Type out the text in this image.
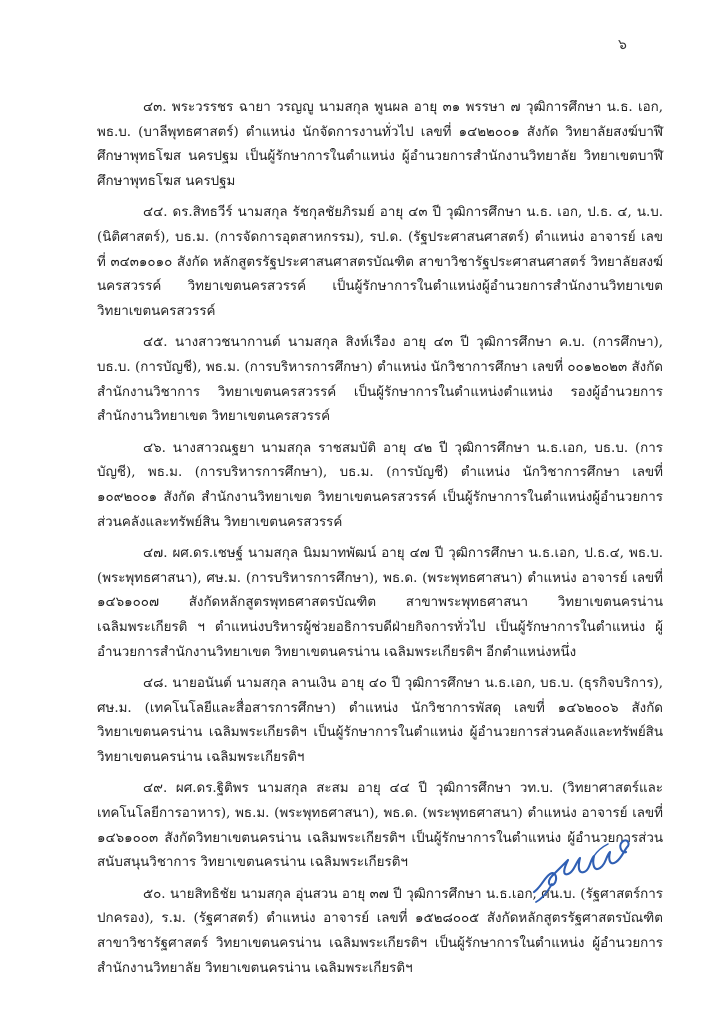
๖

๔๓. พระวรรชร ฉายา วรญญู นามสกุล พูนผล อายุ ๓๑ พรรษา ๗ วุฒิการศึกษา น.ธ. เอก, พธ.บ. (บาลีพุทธศาสตร์) ตำแหน่ง นักจัดการงานทั่วไป เลขที่ ๑๔๒๒๐๐๑ สังกัด วิทยาลัยสงฆ์บาฬีศึกษาพุทธโฆส นครปฐม เป็นผู้รักษาการในตำแหน่ง ผู้อำนวยการสำนักงานวิทยาลัย วิทยาเขตบาฬีศึกษาพุทธโฆส นครปฐม

๔๔. ดร.สิทธวีร์ นามสกุล รัชกุลชัยภิรมย์ อายุ ๔๓ ปี วุฒิการศึกษา น.ธ. เอก, ป.ธ. ๔, น.บ. (นิติศาสตร์), บธ.ม. (การจัดการอุตสาหกรรม), รป.ด. (รัฐประศาสนศาสตร์) ตำแหน่ง อาจารย์ เลขที่ ๓๔๓๑๐๑๐ สังกัด หลักสูตรรัฐประศาสนศาสตรบัณฑิต สาขาวิชารัฐประศาสนศาสตร์ วิทยาลัยสงฆ์นครสวรรค์ วิทยาเขตนครสวรรค์ เป็นผู้รักษาการในตำแหน่งผู้อำนวยการสำนักงานวิทยาเขต วิทยาเขตนครสวรรค์

๔๕. นางสาวชนากานต์ นามสกุล สิงห์เรือง อายุ ๔๓ ปี วุฒิการศึกษา ค.บ. (การศึกษา), บธ.บ. (การบัญชี), พธ.ม. (การบริหารการศึกษา) ตำแหน่ง นักวิชาการศึกษา เลขที่ ๐๐๑๒๐๒๓ สังกัด สำนักงานวิชาการ วิทยาเขตนครสวรรค์ เป็นผู้รักษาการในตำแหน่งตำแหน่ง รองผู้อำนวยการสำนักงานวิทยาเขต วิทยาเขตนครสวรรค์

๔๖. นางสาวณฐยา นามสกุล ราชสมบัติ อายุ ๔๒ ปี วุฒิการศึกษา น.ธ.เอก, บธ.บ. (การบัญชี), พธ.ม. (การบริหารการศึกษา), บธ.ม. (การบัญชี) ตำแหน่ง นักวิชาการศึกษา เลขที่ ๑๐๙๒๐๐๑ สังกัด สำนักงานวิทยาเขต วิทยาเขตนครสวรรค์ เป็นผู้รักษาการในตำแหน่งผู้อำนวยการส่วนคลังและทรัพย์สิน วิทยาเขตนครสวรรค์

๔๗. ผศ.ดร.เชษฐ์ นามสกุล นิมมาทพัฒน์ อายุ ๔๗ ปี วุฒิการศึกษา น.ธ.เอก, ป.ธ.๔, พธ.บ. (พระพุทธศาสนา), ศษ.ม. (การบริหารการศึกษา), พธ.ด. (พระพุทธศาสนา) ตำแหน่ง อาจารย์ เลขที่ ๑๔๖๑๐๐๗ สังกัดหลักสูตรพุทธศาสตรบัณฑิต สาขาพระพุทธศาสนา วิทยาเขตนครน่าน เฉลิมพระเกียรติ ฯ ตำแหน่งบริหารผู้ช่วยอธิการบดีฝ่ายกิจการทั่วไป เป็นผู้รักษาการในตำแหน่ง ผู้อำนวยการสำนักงานวิทยาเขต วิทยาเขตนครน่าน เฉลิมพระเกียรติฯ อีกตำแหน่งหนึ่ง

๔๘. นายอนันต์ นามสกุล ลานเงิน อายุ ๔๐ ปี วุฒิการศึกษา น.ธ.เอก, บธ.บ. (ธุรกิจบริการ), ศษ.ม. (เทคโนโลยีและสื่อสารการศึกษา) ตำแหน่ง นักวิชาการพัสดุ เลขที่ ๑๔๖๒๐๐๖ สังกัด วิทยาเขตนครน่าน เฉลิมพระเกียรติฯ เป็นผู้รักษาการในตำแหน่ง ผู้อำนวยการส่วนคลังและทรัพย์สิน วิทยาเขตนครน่าน เฉลิมพระเกียรติฯ

๔๙. ผศ.ดร.ฐิติพร นามสกุล สะสม อายุ ๔๔ ปี วุฒิการศึกษา วท.บ. (วิทยาศาสตร์และเทคโนโลยีการอาหาร), พธ.ม. (พระพุทธศาสนา), พธ.ด. (พระพุทธศาสนา) ตำแหน่ง อาจารย์ เลขที่ ๑๔๖๑๐๐๓ สังกัดวิทยาเขตนครน่าน เฉลิมพระเกียรติฯ เป็นผู้รักษาการในตำแหน่ง ผู้อำนวยการส่วนสนับสนุนวิชาการ วิทยาเขตนครน่าน เฉลิมพระเกียรติฯ

๕๐. นายสิทธิชัย นามสกุล อุ่นสวน อายุ ๓๗ ปี วุฒิการศึกษา น.ธ.เอก, ศน.บ. (รัฐศาสตร์การปกครอง), ร.ม. (รัฐศาสตร์) ตำแหน่ง อาจารย์ เลขที่ ๑๕๒๘๐๐๕ สังกัดหลักสูตรรัฐศาสตรบัณฑิต สาขาวิชารัฐศาสตร์ วิทยาเขตนครน่าน เฉลิมพระเกียรติฯ เป็นผู้รักษาการในตำแหน่ง ผู้อำนวยการสำนักงานวิทยาลัย วิทยาเขตนครน่าน เฉลิมพระเกียรติฯ
